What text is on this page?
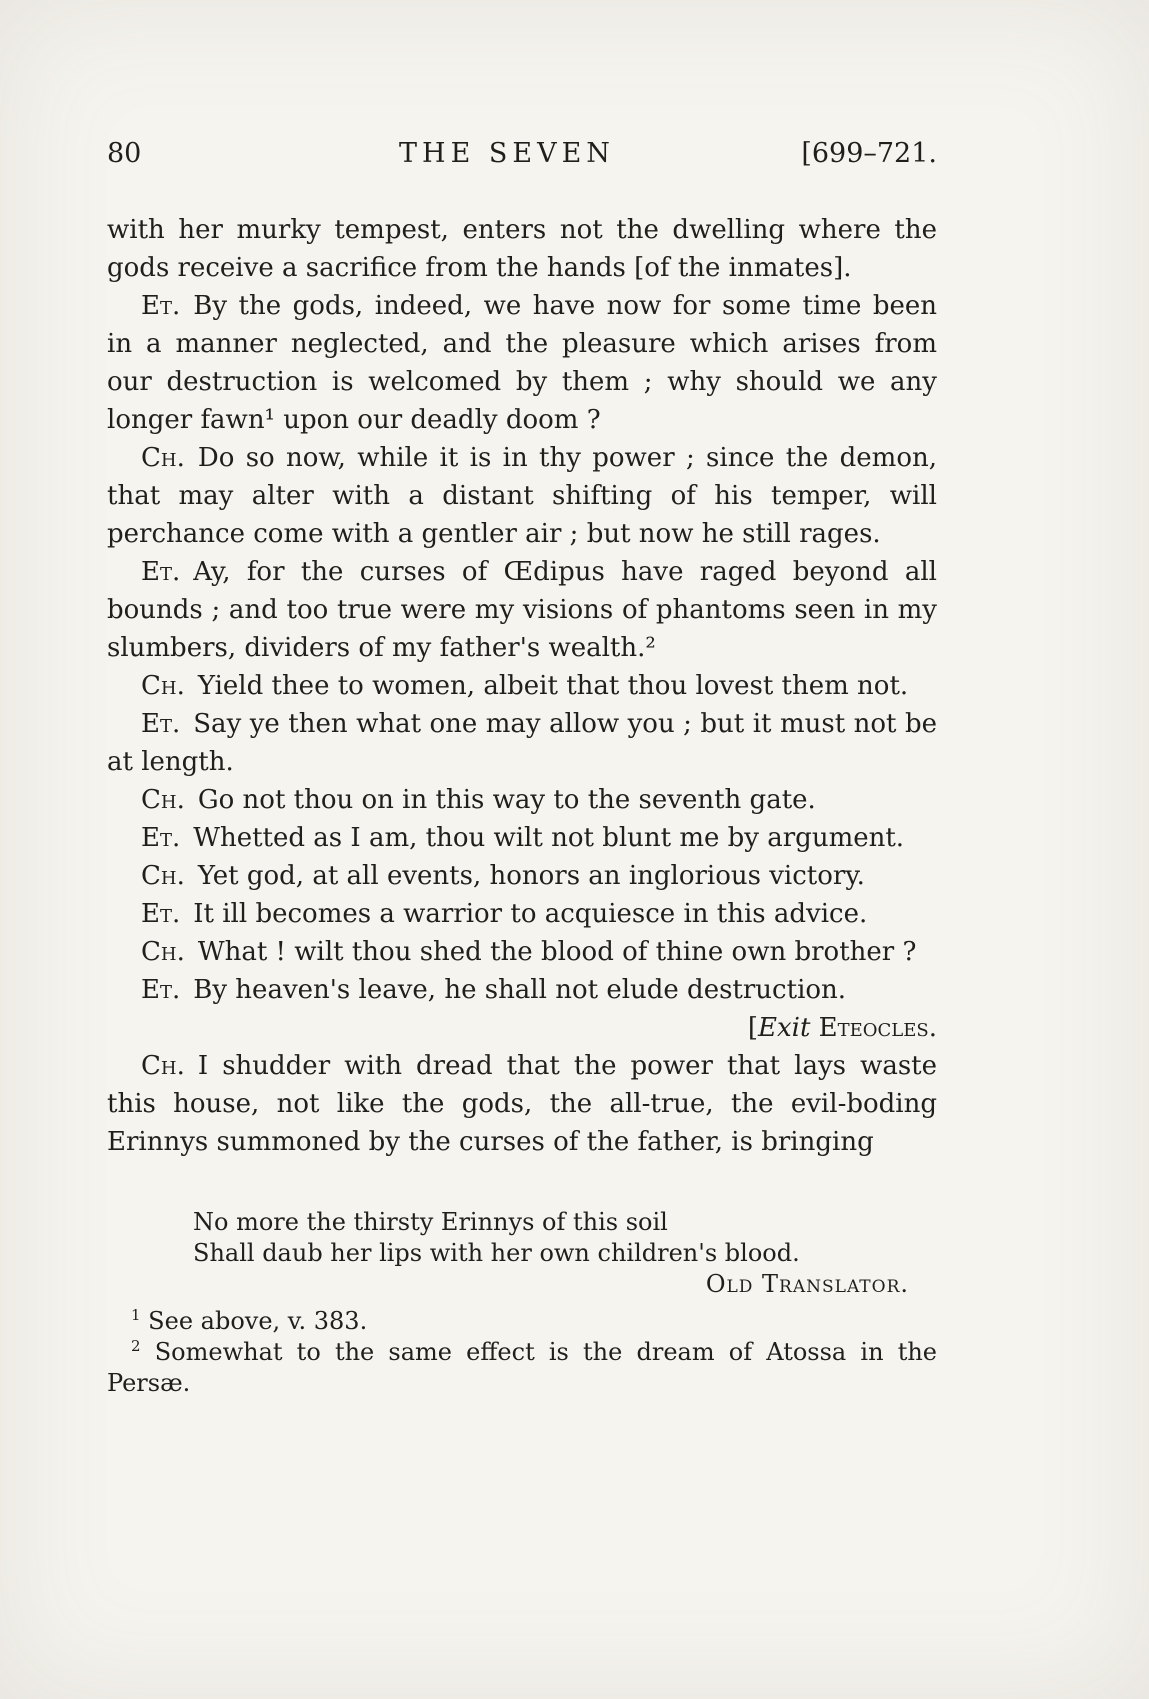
80	THE SEVEN	[699–721.

with her murky tempest, enters not the dwelling where the gods receive a sacrifice from the hands [of the inmates].

Et. By the gods, indeed, we have now for some time been in a manner neglected, and the pleasure which arises from our destruction is welcomed by them ; why should we any longer fawn¹ upon our deadly doom ?

Ch. Do so now, while it is in thy power ; since the demon, that may alter with a distant shifting of his temper, will perchance come with a gentler air ; but now he still rages.

Et. Ay, for the curses of Œdipus have raged beyond all bounds ; and too true were my visions of phantoms seen in my slumbers, dividers of my father's wealth.²

Ch. Yield thee to women, albeit that thou lovest them not.

Et. Say ye then what one may allow you ; but it must not be at length.

Ch. Go not thou on in this way to the seventh gate.

Et. Whetted as I am, thou wilt not blunt me by argument.

Ch. Yet god, at all events, honors an inglorious victory.

Et. It ill becomes a warrior to acquiesce in this advice.

Ch. What ! wilt thou shed the blood of thine own brother ?

Et. By heaven's leave, he shall not elude destruction.

[Exit Eteocles.

Ch. I shudder with dread that the power that lays waste this house, not like the gods, the all-true, the evil-boding Erinnys summoned by the curses of the father, is bringing

No more the thirsty Erinnys of this soil
Shall daub her lips with her own children's blood.
Old Translator.

$^1$ See above, v. 383.

$^2$ Somewhat to the same effect is the dream of Atossa in the Persæ.
